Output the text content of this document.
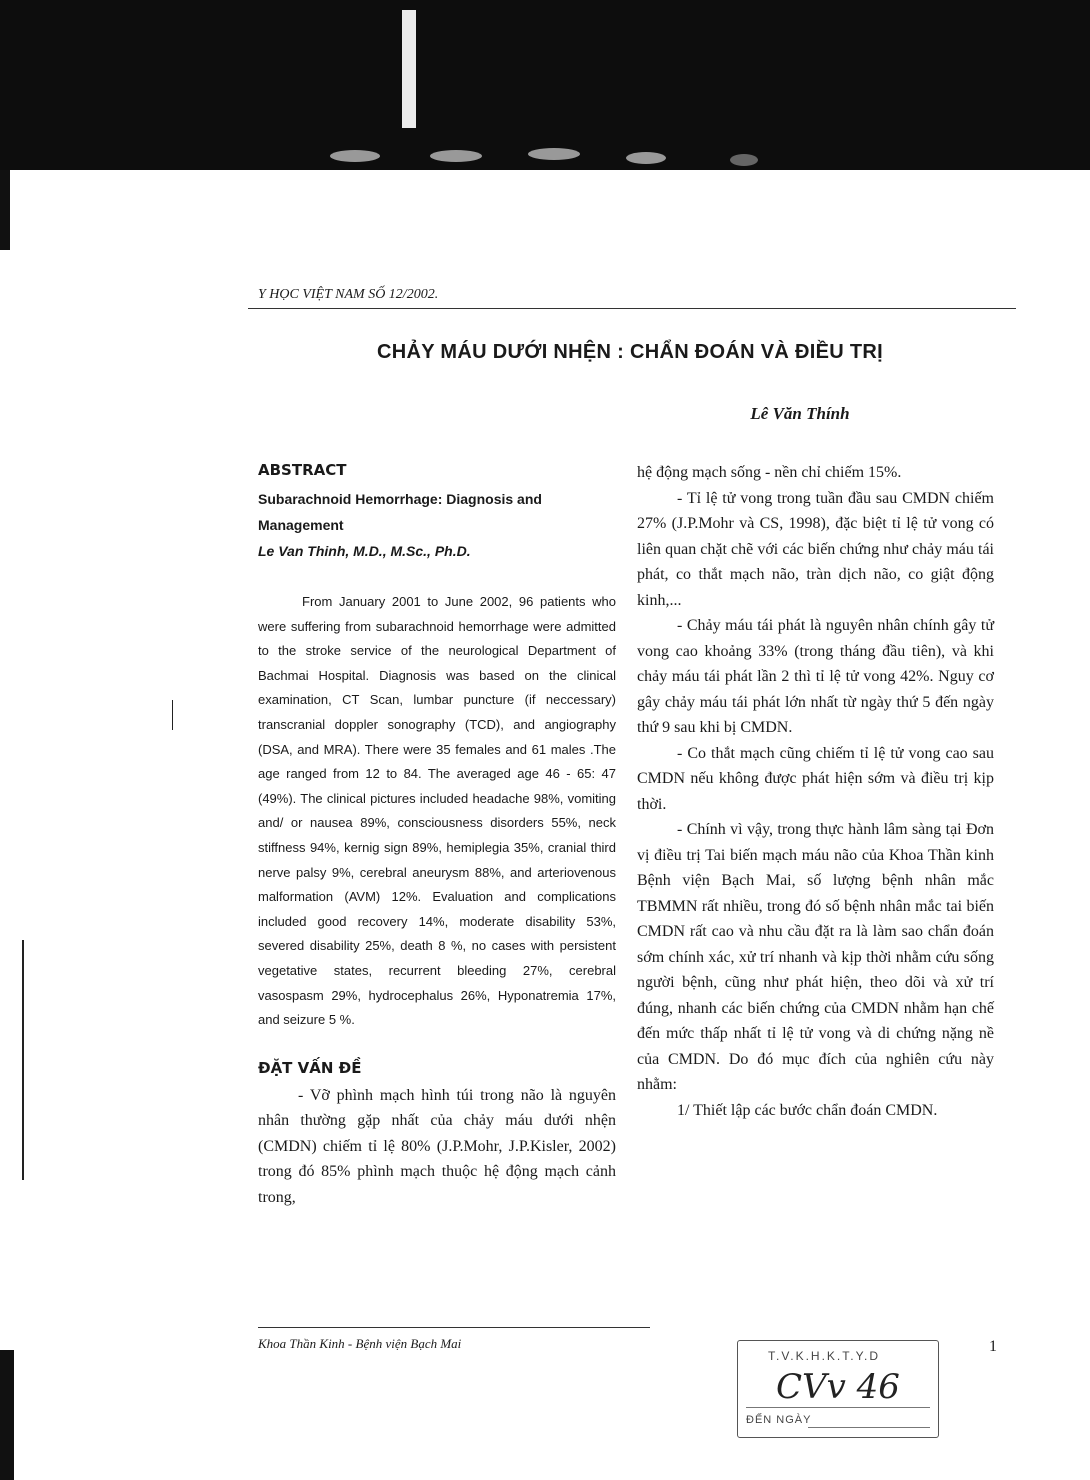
Y HỌC VIỆT NAM SỐ 12/2002.
CHẢY MÁU DƯỚI NHỆN : CHẨN ĐOÁN VÀ ĐIỀU TRỊ
Lê Văn Thính

ABSTRACT

Subarachnoid Hemorrhage: Diagnosis and

Management

Le Van Thinh, M.D., M.Sc., Ph.D.

From January 2001 to June 2002, 96 patients who were suffering from subarachnoid hemorrhage were admitted to the stroke service of the neurological Department of Bachmai Hospital. Diagnosis was based on the clinical examination, CT Scan, lumbar puncture (if neccessary) transcranial doppler sonography (TCD), and angiography (DSA, and MRA). There were 35 females and 61 males .The age ranged from 12 to 84. The averaged age 46 - 65: 47 (49%). The clinical pictures included headache 98%, vomiting and/ or nausea 89%, consciousness disorders 55%, neck stiffness 94%, kernig sign 89%, hemiplegia 35%, cranial third nerve palsy 9%, cerebral aneurysm 88%, and arteriovenous malformation (AVM) 12%. Evaluation and complications included good recovery 14%, moderate disability 53%, severed disability 25%, death 8 %, no cases with persistent vegetative states, recurrent bleeding 27%, cerebral vasospasm 29%, hydrocephalus 26%, Hyponatremia 17%, and seizure 5 %.

ĐẶT VẤN ĐỀ

- Vỡ phình mạch hình túi trong não là nguyên nhân thường gặp nhất của chảy máu dưới nhện (CMDN) chiếm tỉ lệ 80% (J.P.Mohr, J.P.Kisler, 2002) trong đó 85% phình mạch thuộc hệ động mạch cảnh trong,

hệ động mạch sống - nền chỉ chiếm 15%.

- Tỉ lệ tử vong trong tuần đầu sau CMDN chiếm 27% (J.P.Mohr và CS, 1998), đặc biệt tỉ lệ tử vong có liên quan chặt chẽ với các biến chứng như chảy máu tái phát, co thắt mạch não, tràn dịch não, co giật động kinh,...

- Chảy máu tái phát là nguyên nhân chính gây tử vong cao khoảng 33% (trong tháng đầu tiên), và khi chảy máu tái phát lần 2 thì tỉ lệ tử vong 42%. Nguy cơ gây chảy máu tái phát lớn nhất từ ngày thứ 5 đến ngày thứ 9 sau khi bị CMDN.

- Co thắt mạch cũng chiếm tỉ lệ tử vong cao sau CMDN nếu không được phát hiện sớm và điều trị kịp thời.

- Chính vì vậy, trong thực hành lâm sàng tại Đơn vị điều trị Tai biến mạch máu não của Khoa Thần kinh Bệnh viện Bạch Mai, số lượng bệnh nhân mắc TBMMN rất nhiều, trong đó số bệnh nhân mắc tai biến CMDN rất cao và nhu cầu đặt ra là làm sao chẩn đoán sớm chính xác, xử trí nhanh và kịp thời nhằm cứu sống người bệnh, cũng như phát hiện, theo dõi và xử trí đúng, nhanh các biến chứng của CMDN nhằm hạn chế đến mức thấp nhất tỉ lệ tử vong và di chứng nặng nề của CMDN. Do đó mục đích của nghiên cứu này nhằm:

1/ Thiết lập các bước chẩn đoán CMDN.

Khoa Thần Kinh - Bệnh viện Bạch Mai	1
T.V.K.H.K.T.Y.D
CVv 46
ĐẾN NGÀY
